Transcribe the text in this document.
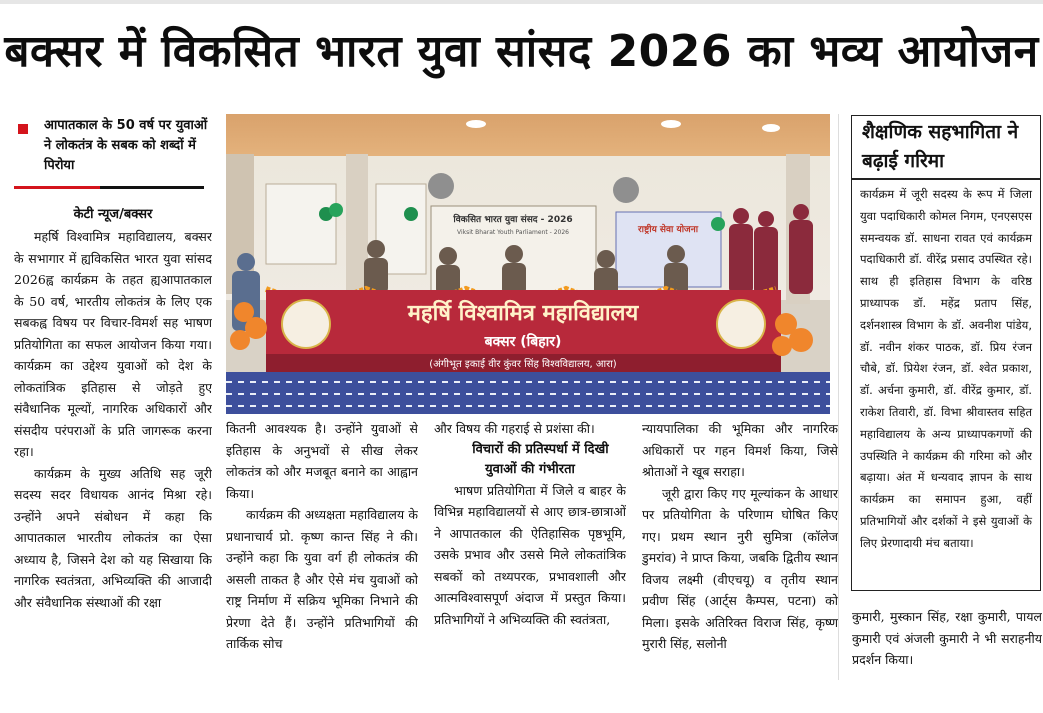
बक्सर में विकसित भारत युवा सांसद 2026 का भव्य आयोजन
आपातकाल के 50 वर्ष पर युवाओं ने लोकतंत्र के सबक को शब्दों में पिरोया
केटी न्यूज/बक्सर

महर्षि विश्वामित्र महाविद्यालय, बक्सर के सभागार में ह्यविकसित भारत युवा सांसद 2026ह्व कार्यक्रम के तहत ह्यआपातकाल के 50 वर्ष, भारतीय लोकतंत्र के लिए एक सबकह्व विषय पर विचार-विमर्श सह भाषण प्रतियोगिता का सफल आयोजन किया गया। कार्यक्रम का उद्देश्य युवाओं को देश के लोकतांत्रिक इतिहास से जोड़ते हुए संवैधानिक मूल्यों, नागरिक अधिकारों और संसदीय परंपराओं के प्रति जागरूक करना रहा।

कार्यक्रम के मुख्य अतिथि सह जूरी सदस्य सदर विधायक आनंद मिश्रा रहे। उन्होंने अपने संबोधन में कहा कि आपातकाल भारतीय लोकतंत्र का ऐसा अध्याय है, जिसने देश को यह सिखाया कि नागरिक स्वतंत्रता, अभिव्यक्ति की आजादी और संवैधानिक संस्थाओं की रक्षा

विकसित भारत युवा संसद - 2026
Viksit Bharat Youth Parliament - 2026	राष्ट्रीय सेवा योजना
महर्षि विश्वामित्र महाविद्यालय
बक्सर (बिहार)
(अंगीभूत इकाई वीर कुंवर सिंह विश्वविद्यालय, आरा)

कितनी आवश्यक है। उन्होंने युवाओं से इतिहास के अनुभवों से सीख लेकर लोकतंत्र को और मजबूत बनाने का आह्वान किया।

कार्यक्रम की अध्यक्षता महाविद्यालय के प्रधानाचार्य प्रो. कृष्ण कान्त सिंह ने की। उन्होंने कहा कि युवा वर्ग ही लोकतंत्र की असली ताकत है और ऐसे मंच युवाओं को राष्ट्र निर्माण में सक्रिय भूमिका निभाने की प्रेरणा देते हैं। उन्होंने प्रतिभागियों की तार्किक सोच

और विषय की गहराई से प्रशंसा की।

विचारों की प्रतिस्पर्धा में दिखी युवाओं की गंभीरता

भाषण प्रतियोगिता में जिले व बाहर के विभिन्न महाविद्यालयों से आए छात्र-छात्राओं ने आपातकाल की ऐतिहासिक पृष्ठभूमि, उसके प्रभाव और उससे मिले लोकतांत्रिक सबकों को तथ्यपरक, प्रभावशाली और आत्मविश्वासपूर्ण अंदाज में प्रस्तुत किया। प्रतिभागियों ने अभिव्यक्ति की स्वतंत्रता,

न्यायपालिका की भूमिका और नागरिक अधिकारों पर गहन विमर्श किया, जिसे श्रोताओं ने खूब सराहा।

जूरी द्वारा किए गए मूल्यांकन के आधार पर प्रतियोगिता के परिणाम घोषित किए गए। प्रथम स्थान नुरी सुमित्रा (कॉलेज डुमरांव) ने प्राप्त किया, जबकि द्वितीय स्थान विजय लक्ष्मी (वीएचयू) व तृतीय स्थान प्रवीण सिंह (आर्ट्स कैम्पस, पटना) को मिला। इसके अतिरिक्त विराज सिंह, कृष्ण मुरारी सिंह, सलोनी

शैक्षणिक सहभागिता ने बढ़ाई गरिमा
कार्यक्रम में जूरी सदस्य के रूप में जिला युवा पदाधिकारी कोमल निगम, एनएसएस समन्वयक डॉ. साधना रावत एवं कार्यक्रम पदाधिकारी डॉ. वीरेंद्र प्रसाद उपस्थित रहे। साथ ही इतिहास विभाग के वरिष्ठ प्राध्यापक डॉ. महेंद्र प्रताप सिंह, दर्शनशास्त्र विभाग के डॉ. अवनीश पांडेय, डॉ. नवीन शंकर पाठक, डॉ. प्रिय रंजन चौबे, डॉ. प्रियेश रंजन, डॉ. श्वेत प्रकाश, डॉ. अर्चना कुमारी, डॉ. वीरेंद्र कुमार, डॉ. राकेश तिवारी, डॉ. विभा श्रीवास्तव सहित महाविद्यालय के अन्य प्राध्यापकगणों की उपस्थिति ने कार्यक्रम की गरिमा को और बढ़ाया। अंत में धन्यवाद ज्ञापन के साथ कार्यक्रम का समापन हुआ, वहीं प्रतिभागियों और दर्शकों ने इसे युवाओं के लिए प्रेरणादायी मंच बताया।

कुमारी, मुस्कान सिंह, रक्षा कुमारी, पायल कुमारी एवं अंजली कुमारी ने भी सराहनीय प्रदर्शन किया।
